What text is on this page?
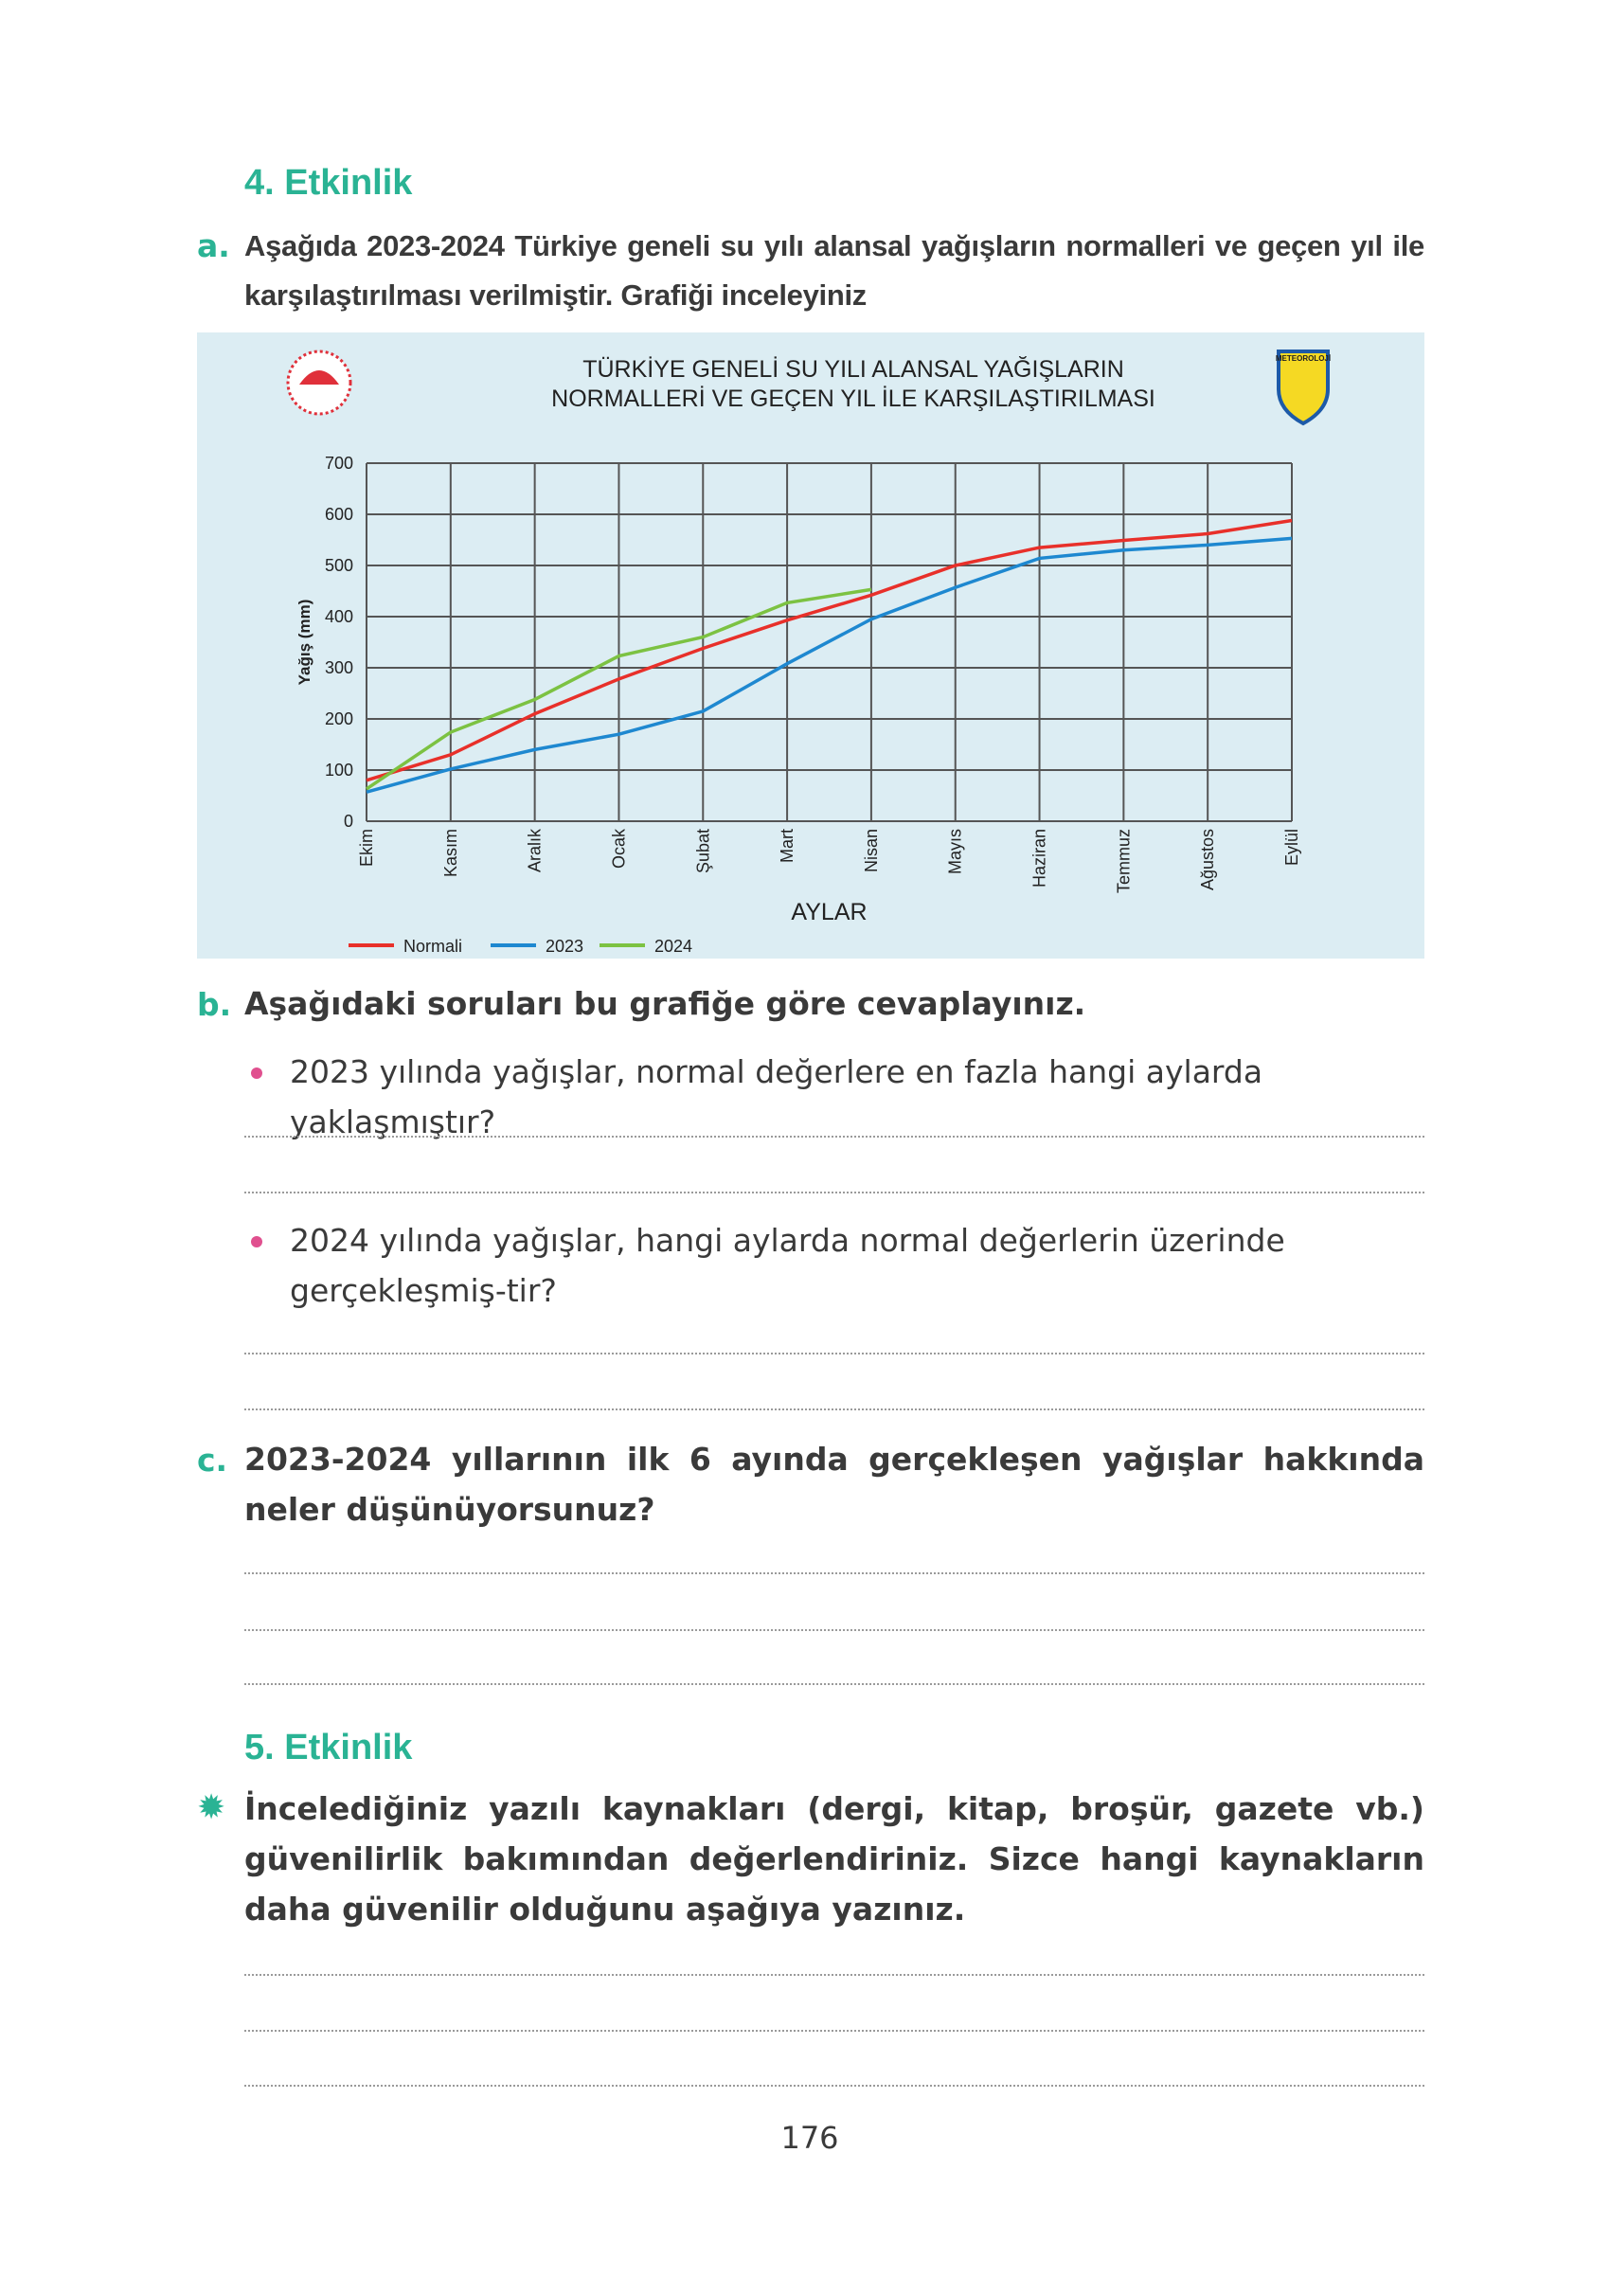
4. Etkinlik
a. Aşağıda 2023-2024 Türkiye geneli su yılı alansal yağışların normalleri ve geçen yıl ile karşılaştırılması verilmiştir. Grafiği inceleyiniz
TÜRKİYE GENELİ SU YILI ALANSAL YAĞIŞLARIN
NORMALLERİ VE GEÇEN YIL İLE KARŞILAŞTIRILMASI
METEOROLOJİ
0
100
200
300
400
500
600
700
Ekim	Kasım	Aralık	Ocak	Şubat	Mart	Nisan	Mayıs	Haziran	Temmuz	Ağustos	Eylül
Yağış (mm)
AYLAR
Normali	2023	2024
b. Aşağıdaki soruları bu grafiğe göre cevaplayınız.
2023 yılında yağışlar, normal değerlere en fazla hangi aylarda yaklaşmıştır?
2024 yılında yağışlar, hangi aylarda normal değerlerin üzerinde gerçekleşmiş-tir?
c. 2023-2024 yıllarının ilk 6 ayında gerçekleşen yağışlar hakkında neler düşünüyorsunuz?
5. Etkinlik
✹ İncelediğiniz yazılı kaynakları (dergi, kitap, broşür, gazete vb.) güvenilirlik bakımından değerlendiriniz. Sizce hangi kaynakların daha güvenilir olduğunu aşağıya yazınız.
176
